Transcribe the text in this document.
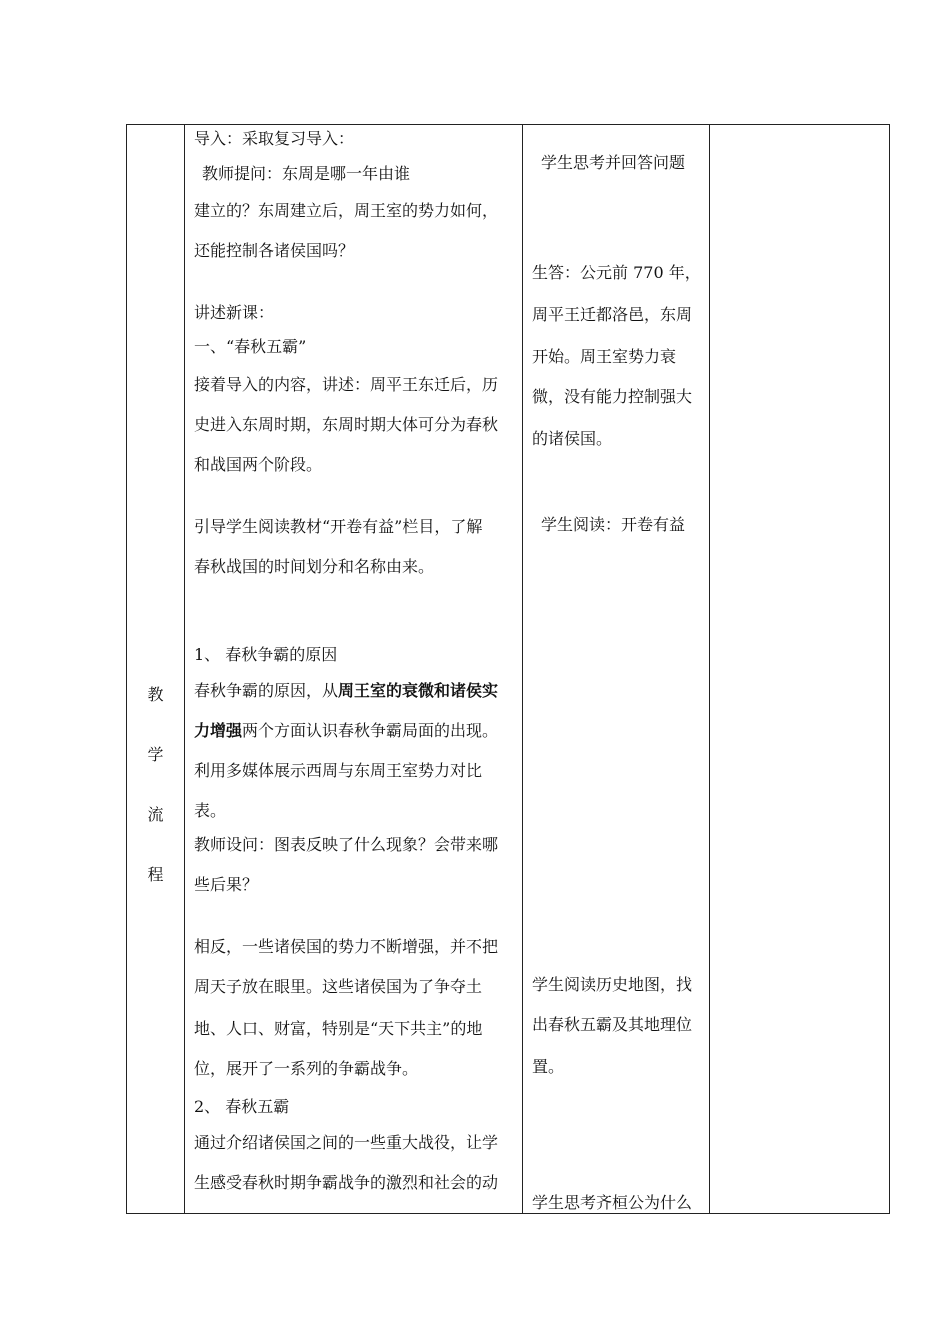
教
学
流
程
导入：采取复习导入：
教师提问：东周是哪一年由谁
建立的？东周建立后，周王室的势力如何，
还能控制各诸侯国吗？
讲述新课：
一、“春秋五霸”
接着导入的内容，讲述：周平王东迁后，历
史进入东周时期，东周时期大体可分为春秋
和战国两个阶段。
引导学生阅读教材“开卷有益”栏目，了解
春秋战国的时间划分和名称由来。
1、 春秋争霸的原因
春秋争霸的原因，从周王室的衰微和诸侯实
力增强两个方面认识春秋争霸局面的出现。
利用多媒体展示西周与东周王室势力对比
表。
教师设问：图表反映了什么现象？会带来哪
些后果？
相反，一些诸侯国的势力不断增强，并不把
周天子放在眼里。这些诸侯国为了争夺土
地、人口、财富，特别是“天下共主”的地
位，展开了一系列的争霸战争。
2、 春秋五霸
通过介绍诸侯国之间的一些重大战役，让学
生感受春秋时期争霸战争的激烈和社会的动
学生思考并回答问题
生答：公元前 770 年，
周平王迁都洛邑，东周
开始。周王室势力衰
微，没有能力控制强大
的诸侯国。
学生阅读：开卷有益
学生阅读历史地图，找
出春秋五霸及其地理位
置。
学生思考齐桓公为什么
